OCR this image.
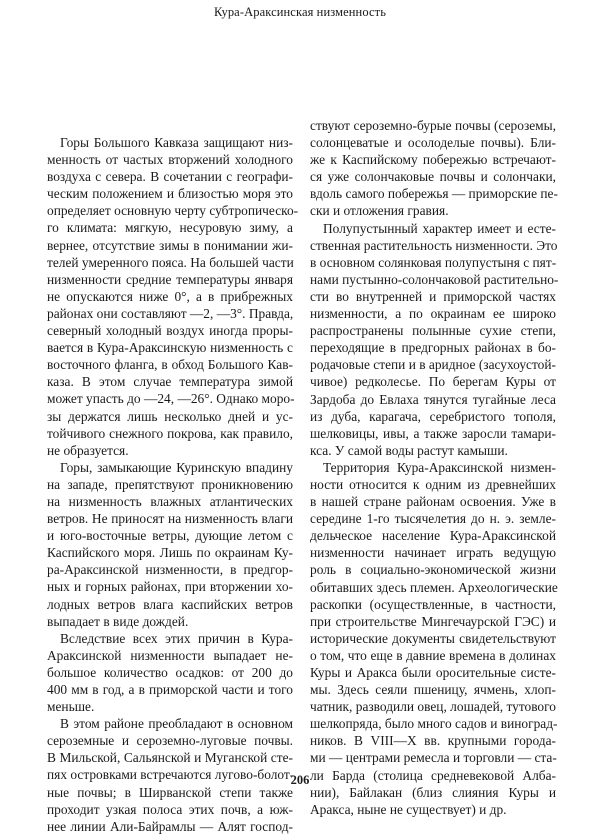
Кура-Араксинская низменность
Горы Большого Кавказа защищают низ-
менность от частых вторжений холодного
воздуха с севера. В сочетании с географи-
ческим положением и близостью моря это
определяет основную черту субтропическо-
го климата: мягкую, несуровую зиму, а
вернее, отсутствие зимы в понимании жи-
телей умеренного пояса. На большей части
низменности средние температуры января
не опускаются ниже 0°, а в прибрежных
районах они составляют —2, —3°. Правда,
северный холодный воздух иногда проры-
вается в Кура-Араксинскую низменность с
восточного фланга, в обход Большого Кав-
каза. В этом случае температура зимой
может упасть до —24, —26°. Однако моро-
зы держатся лишь несколько дней и ус-
тойчивого снежного покрова, как правило,
не образуется.
Горы, замыкающие Куринскую впадину
на западе, препятствуют проникновению
на низменность влажных атлантических
ветров. Не приносят на низменность влаги
и юго-восточные ветры, дующие летом с
Каспийского моря. Лишь по окраинам Ку-
ра-Араксинской низменности, в предгор-
ных и горных районах, при вторжении хо-
лодных ветров влага каспийских ветров
выпадает в виде дождей.
Вследствие всех этих причин в Кура-
Араксинской низменности выпадает не-
большое количество осадков: от 200 до
400 мм в год, а в приморской части и того
меньше.
В этом районе преобладают в основном
сероземные и сероземно-луговые почвы.
В Мильской, Сальянской и Муганской сте-
пях островками встречаются лугово-болот-
ные почвы; в Ширванской степи также
проходит узкая полоса этих почв, а юж-
нее линии Али-Байрамлы — Алят господ-
ствуют сероземно-бурые почвы (сероземы,
солонцеватые и осолоделые почвы). Бли-
же к Каспийскому побережью встречают-
ся уже солончаковые почвы и солончаки,
вдоль самого побережья — приморские пе-
ски и отложения гравия.
Полупустынный характер имеет и есте-
ственная растительность низменности. Это
в основном солянковая полупустыня с пят-
нами пустынно-солончаковой растительно-
сти во внутренней и приморской частях
низменности, а по окраинам ее широко
распространены полынные сухие степи,
переходящие в предгорных районах в бо-
родачовые степи и в аридное (засухоустой-
чивое) редколесье. По берегам Куры от
Зардоба до Евлаха тянутся тугайные леса
из дуба, карагача, серебристого тополя,
шелковицы, ивы, а также заросли тамари-
кса. У самой воды растут камыши.
Территория Кура-Араксинской низмен-
ности относится к одним из древнейших
в нашей стране районам освоения. Уже в
середине 1-го тысячелетия до н. э. земле-
дельческое население Кура-Араксинской
низменности начинает играть ведущую
роль в социально-экономической жизни
обитавших здесь племен. Археологические
раскопки (осуществленные, в частности,
при строительстве Мингечаурской ГЭС) и
исторические документы свидетельствуют
о том, что еще в давние времена в долинах
Куры и Аракса были оросительные систе-
мы. Здесь сеяли пшеницу, ячмень, хлоп-
чатник, разводили овец, лошадей, тутового
шелкопряда, было много садов и виноград-
ников. В VIII—X вв. крупными города-
ми — центрами ремесла и торговли — ста-
ли Барда (столица средневековой Алба-
нии), Байлакан (близ слияния Куры и
Аракса, ныне не существует) и др.
206
